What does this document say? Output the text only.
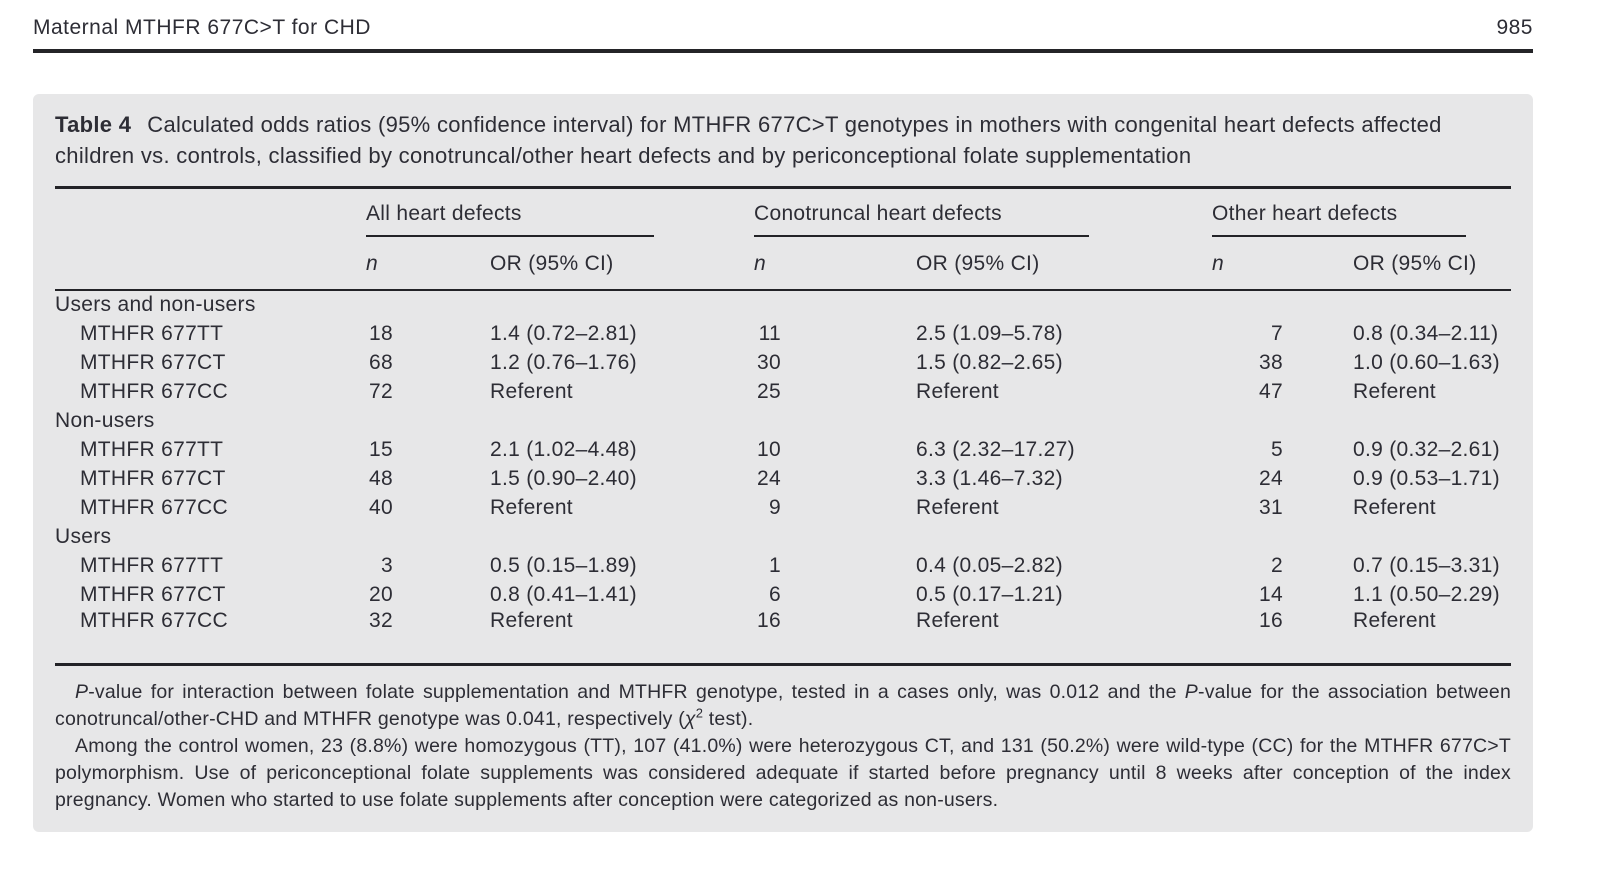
Maternal MTHFR 677C>T for CHD	985

Table 4 Calculated odds ratios (95% confidence interval) for MTHFR 677C>T genotypes in mothers with congenital heart defects affected children vs. controls, classified by conotruncal/other heart defects and by periconceptional folate supplementation

	All heart defects		Conotruncal heart defects		Other heart defects	

	n	OR (95% CI)	n	OR (95% CI)	n	OR (95% CI)
Users and non-users						
MTHFR 677TT	18	1.4 (0.72–2.81)	11	2.5 (1.09–5.78)	7	0.8 (0.34–2.11)
MTHFR 677CT	68	1.2 (0.76–1.76)	30	1.5 (0.82–2.65)	38	1.0 (0.60–1.63)
MTHFR 677CC	72	Referent	25	Referent	47	Referent
Non-users						
MTHFR 677TT	15	2.1 (1.02–4.48)	10	6.3 (2.32–17.27)	5	0.9 (0.32–2.61)
MTHFR 677CT	48	1.5 (0.90–2.40)	24	3.3 (1.46–7.32)	24	0.9 (0.53–1.71)
MTHFR 677CC	40	Referent	9	Referent	31	Referent
Users						
MTHFR 677TT	3	0.5 (0.15–1.89)	1	0.4 (0.05–2.82)	2	0.7 (0.15–3.31)
MTHFR 677CT	20	0.8 (0.41–1.41)	6	0.5 (0.17–1.21)	14	1.1 (0.50–2.29)
MTHFR 677CC	32	Referent	16	Referent	16	Referent

P-value for interaction between folate supplementation and MTHFR genotype, tested in a cases only, was 0.012 and the P-value for the association between conotruncal/other-CHD and MTHFR genotype was 0.041, respectively ($\chi^2$ test).

Among the control women, 23 (8.8%) were homozygous (TT), 107 (41.0%) were heterozygous CT, and 131 (50.2%) were wild-type (CC) for the MTHFR 677C>T polymorphism. Use of periconceptional folate supplements was considered adequate if started before pregnancy until 8 weeks after conception of the index pregnancy. Women who started to use folate supplements after conception were categorized as non-users.
